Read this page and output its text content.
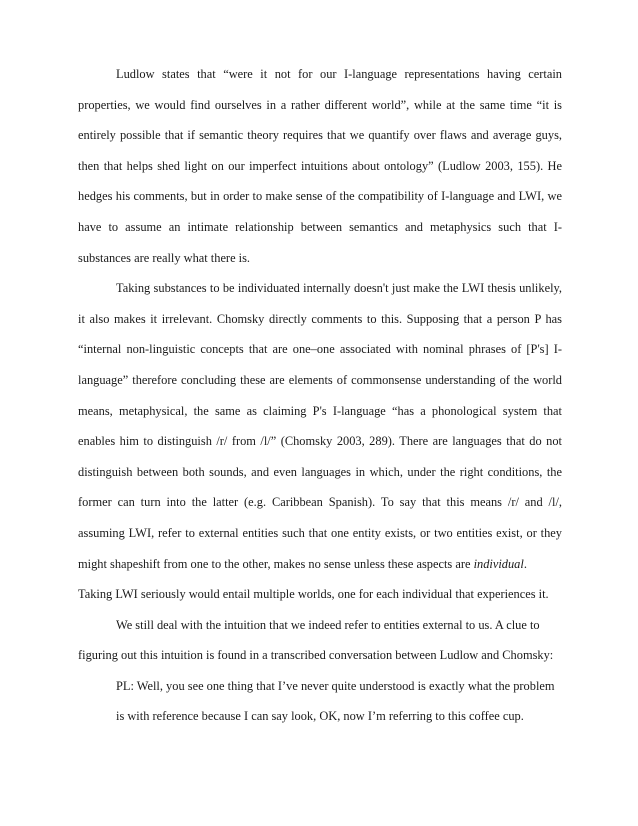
Ludlow states that “were it not for our I-language representations having certain
properties, we would find ourselves in a rather different world”, while at the same time “it is
entirely possible that if semantic theory requires that we quantify over flaws and average guys,
then that helps shed light on our imperfect intuitions about ontology” (Ludlow 2003, 155). He
hedges his comments, but in order to make sense of the compatibility of I-language and LWI, we
have to assume an intimate relationship between semantics and metaphysics such that I-
substances are really what there is.
Taking substances to be individuated internally doesn't just make the LWI thesis unlikely,
it also makes it irrelevant. Chomsky directly comments to this. Supposing that a person P has
“internal non-linguistic concepts that are one–one associated with nominal phrases of [P's] I-
language” therefore concluding these are elements of commonsense understanding of the world
means, metaphysical, the same as claiming P's I-language “has a phonological system that
enables him to distinguish /r/ from /l/” (Chomsky 2003, 289). There are languages that do not
distinguish between both sounds, and even languages in which, under the right conditions, the
former can turn into the latter (e.g. Caribbean Spanish). To say that this means /r/ and /l/,
assuming LWI, refer to external entities such that one entity exists, or two entities exist, or they
might shapeshift from one to the other, makes no sense unless these aspects are individual.
Taking LWI seriously would entail multiple worlds, one for each individual that experiences it.
We still deal with the intuition that we indeed refer to entities external to us. A clue to
figuring out this intuition is found in a transcribed conversation between Ludlow and Chomsky:
PL: Well, you see one thing that I’ve never quite understood is exactly what the problem
is with reference because I can say look, OK, now I’m referring to this coffee cup.
